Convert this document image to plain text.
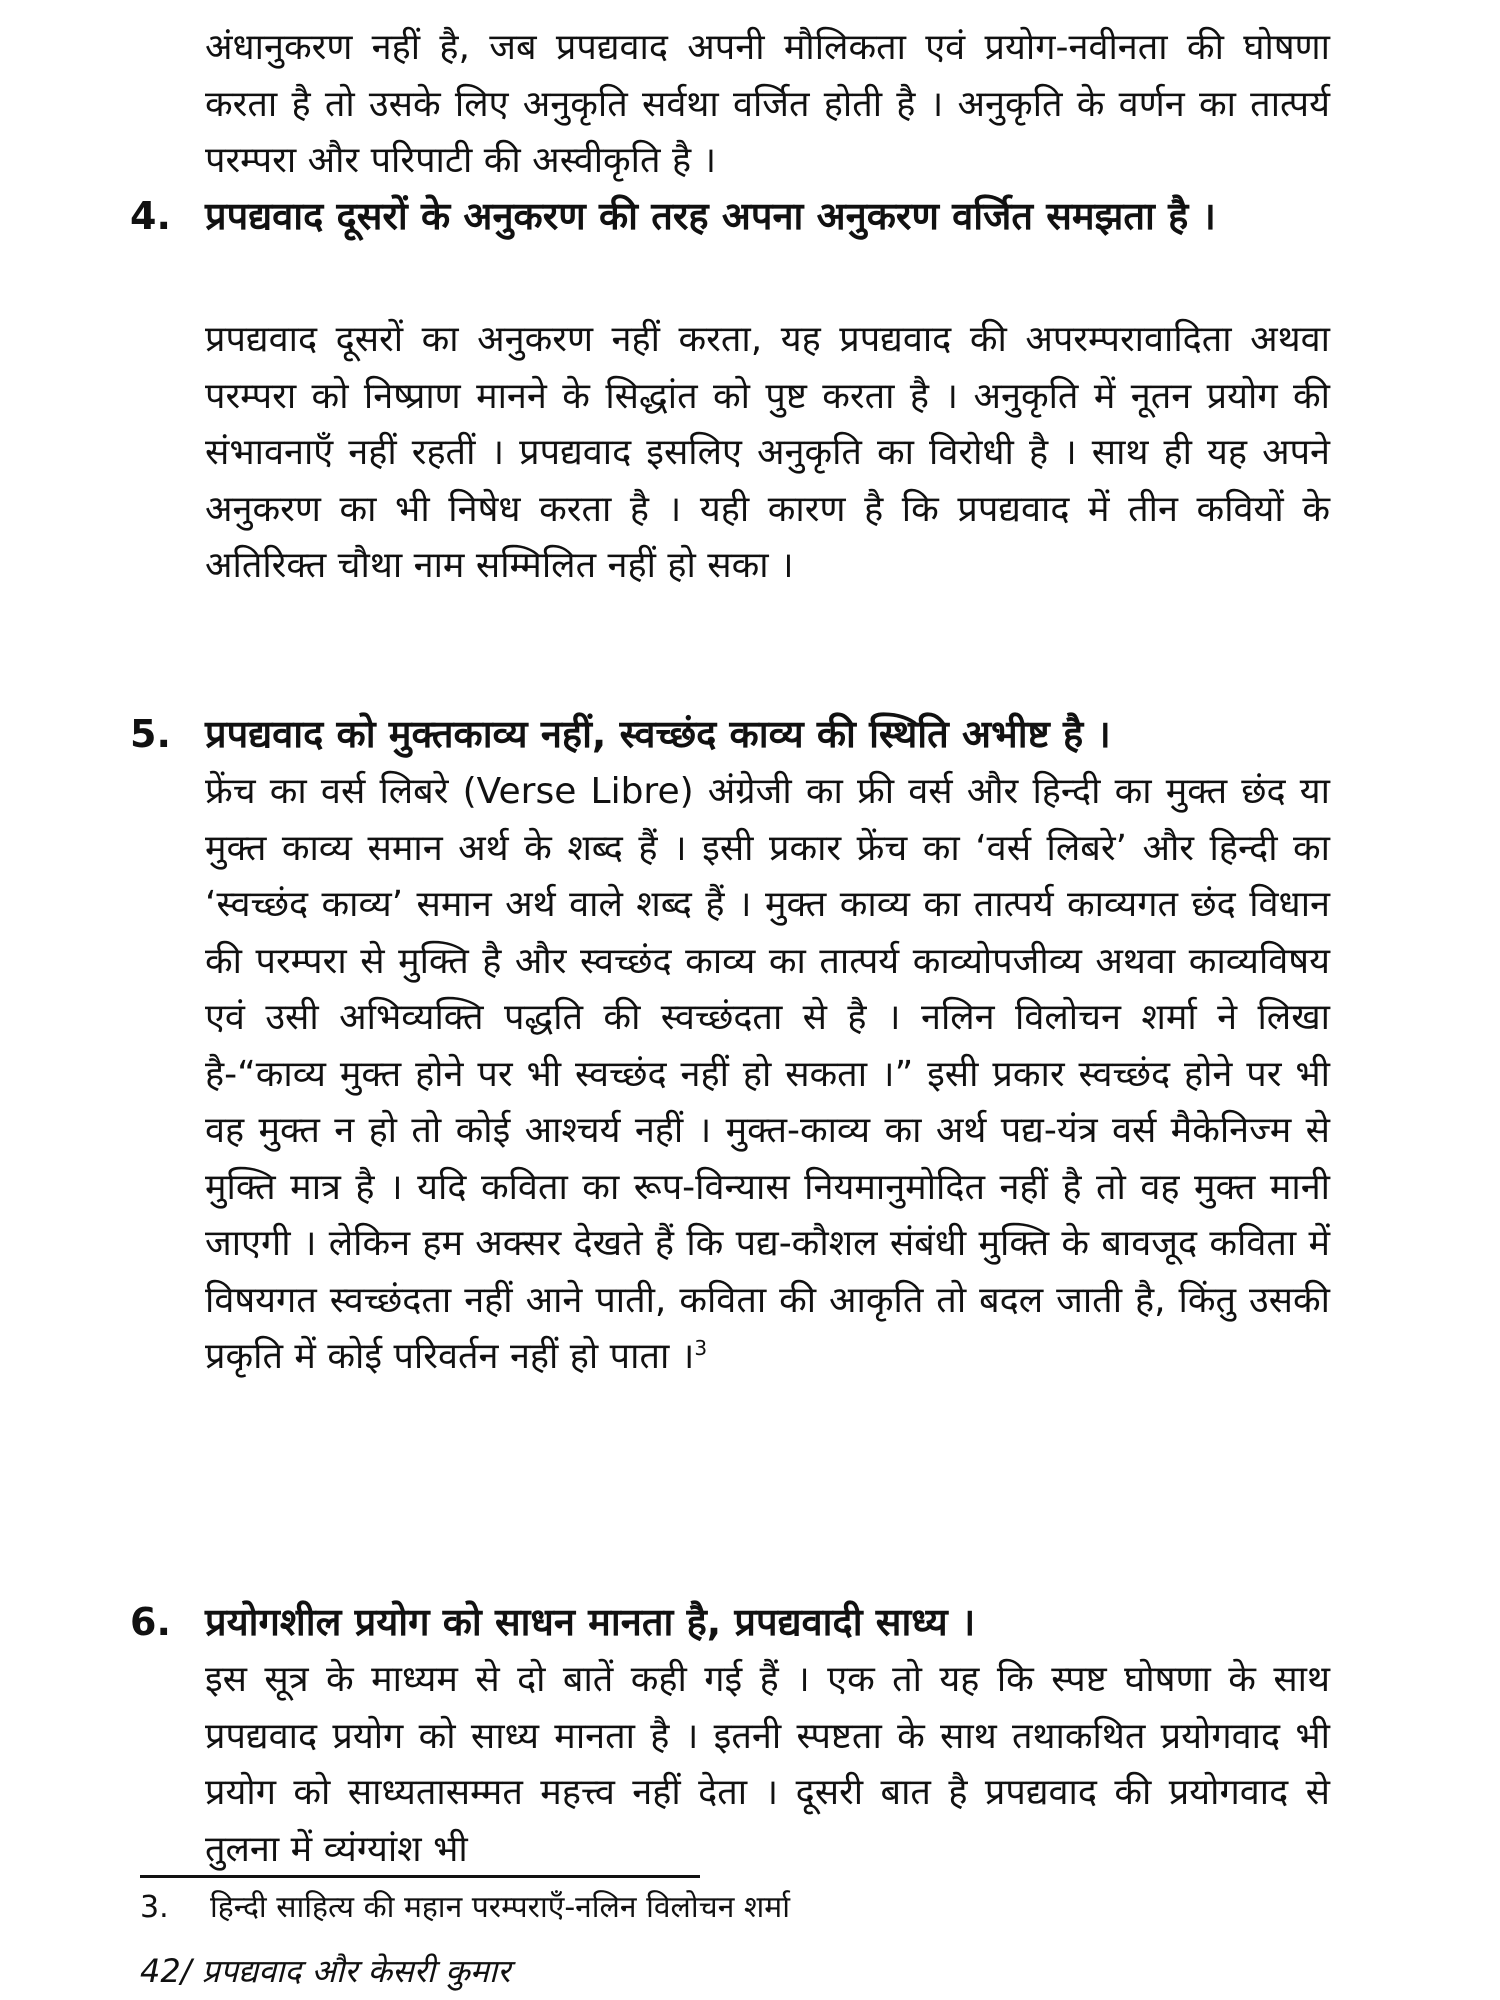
अंधानुकरण नहीं है, जब प्रपद्यवाद अपनी मौलिकता एवं प्रयोग-नवीनता की घोषणा करता है तो उसके लिए अनुकृति सर्वथा वर्जित होती है । अनुकृति के वर्णन का तात्पर्य परम्परा और परिपाटी की अस्वीकृति है ।

4. प्रपद्यवाद दूसरों के अनुकरण की तरह अपना अनुकरण वर्जित समझता है ।

प्रपद्यवाद दूसरों का अनुकरण नहीं करता, यह प्रपद्यवाद की अपरम्परावादिता अथवा परम्परा को निष्प्राण मानने के सिद्धांत को पुष्ट करता है । अनुकृति में नूतन प्रयोग की संभावनाएँ नहीं रहतीं । प्रपद्यवाद इसलिए अनुकृति का विरोधी है । साथ ही यह अपने अनुकरण का भी निषेध करता है । यही कारण है कि प्रपद्यवाद में तीन कवियों के अतिरिक्त चौथा नाम सम्मिलित नहीं हो सका ।

5. प्रपद्यवाद को मुक्तकाव्य नहीं, स्वच्छंद काव्य की स्थिति अभीष्ट है ।

फ्रेंच का वर्स लिबरे (Verse Libre) अंग्रेजी का फ्री वर्स और हिन्दी का मुक्त छंद या मुक्त काव्य समान अर्थ के शब्द हैं । इसी प्रकार फ्रेंच का ‘वर्स लिबरे’ और हिन्दी का ‘स्वच्छंद काव्य’ समान अर्थ वाले शब्द हैं । मुक्त काव्य का तात्पर्य काव्यगत छंद विधान की परम्परा से मुक्ति है और स्वच्छंद काव्य का तात्पर्य काव्योपजीव्य अथवा काव्यविषय एवं उसी अभिव्यक्ति पद्धति की स्वच्छंदता से है । नलिन विलोचन शर्मा ने लिखा है-“काव्य मुक्त होने पर भी स्वच्छंद नहीं हो सकता ।” इसी प्रकार स्वच्छंद होने पर भी वह मुक्त न हो तो कोई आश्चर्य नहीं । मुक्त-काव्य का अर्थ पद्य-यंत्र वर्स मैकेनिज्म से मुक्ति मात्र है । यदि कविता का रूप-विन्यास नियमानुमोदित नहीं है तो वह मुक्त मानी जाएगी । लेकिन हम अक्सर देखते हैं कि पद्य-कौशल संबंधी मुक्ति के बावजूद कविता में विषयगत स्वच्छंदता नहीं आने पाती, कविता की आकृति तो बदल जाती है, किंतु उसकी प्रकृति में कोई परिवर्तन नहीं हो पाता ।$^3$

6. प्रयोगशील प्रयोग को साधन मानता है, प्रपद्यवादी साध्य ।

इस सूत्र के माध्यम से दो बातें कही गई हैं । एक तो यह कि स्पष्ट घोषणा के साथ प्रपद्यवाद प्रयोग को साध्य मानता है । इतनी स्पष्टता के साथ तथाकथित प्रयोगवाद भी प्रयोग को साध्यतासम्मत महत्त्व नहीं देता । दूसरी बात है प्रपद्यवाद की प्रयोगवाद से तुलना में व्यंग्यांश भी

3. हिन्दी साहित्य की महान परम्पराएँ-नलिन विलोचन शर्मा
42/ प्रपद्यवाद और केसरी कुमार
